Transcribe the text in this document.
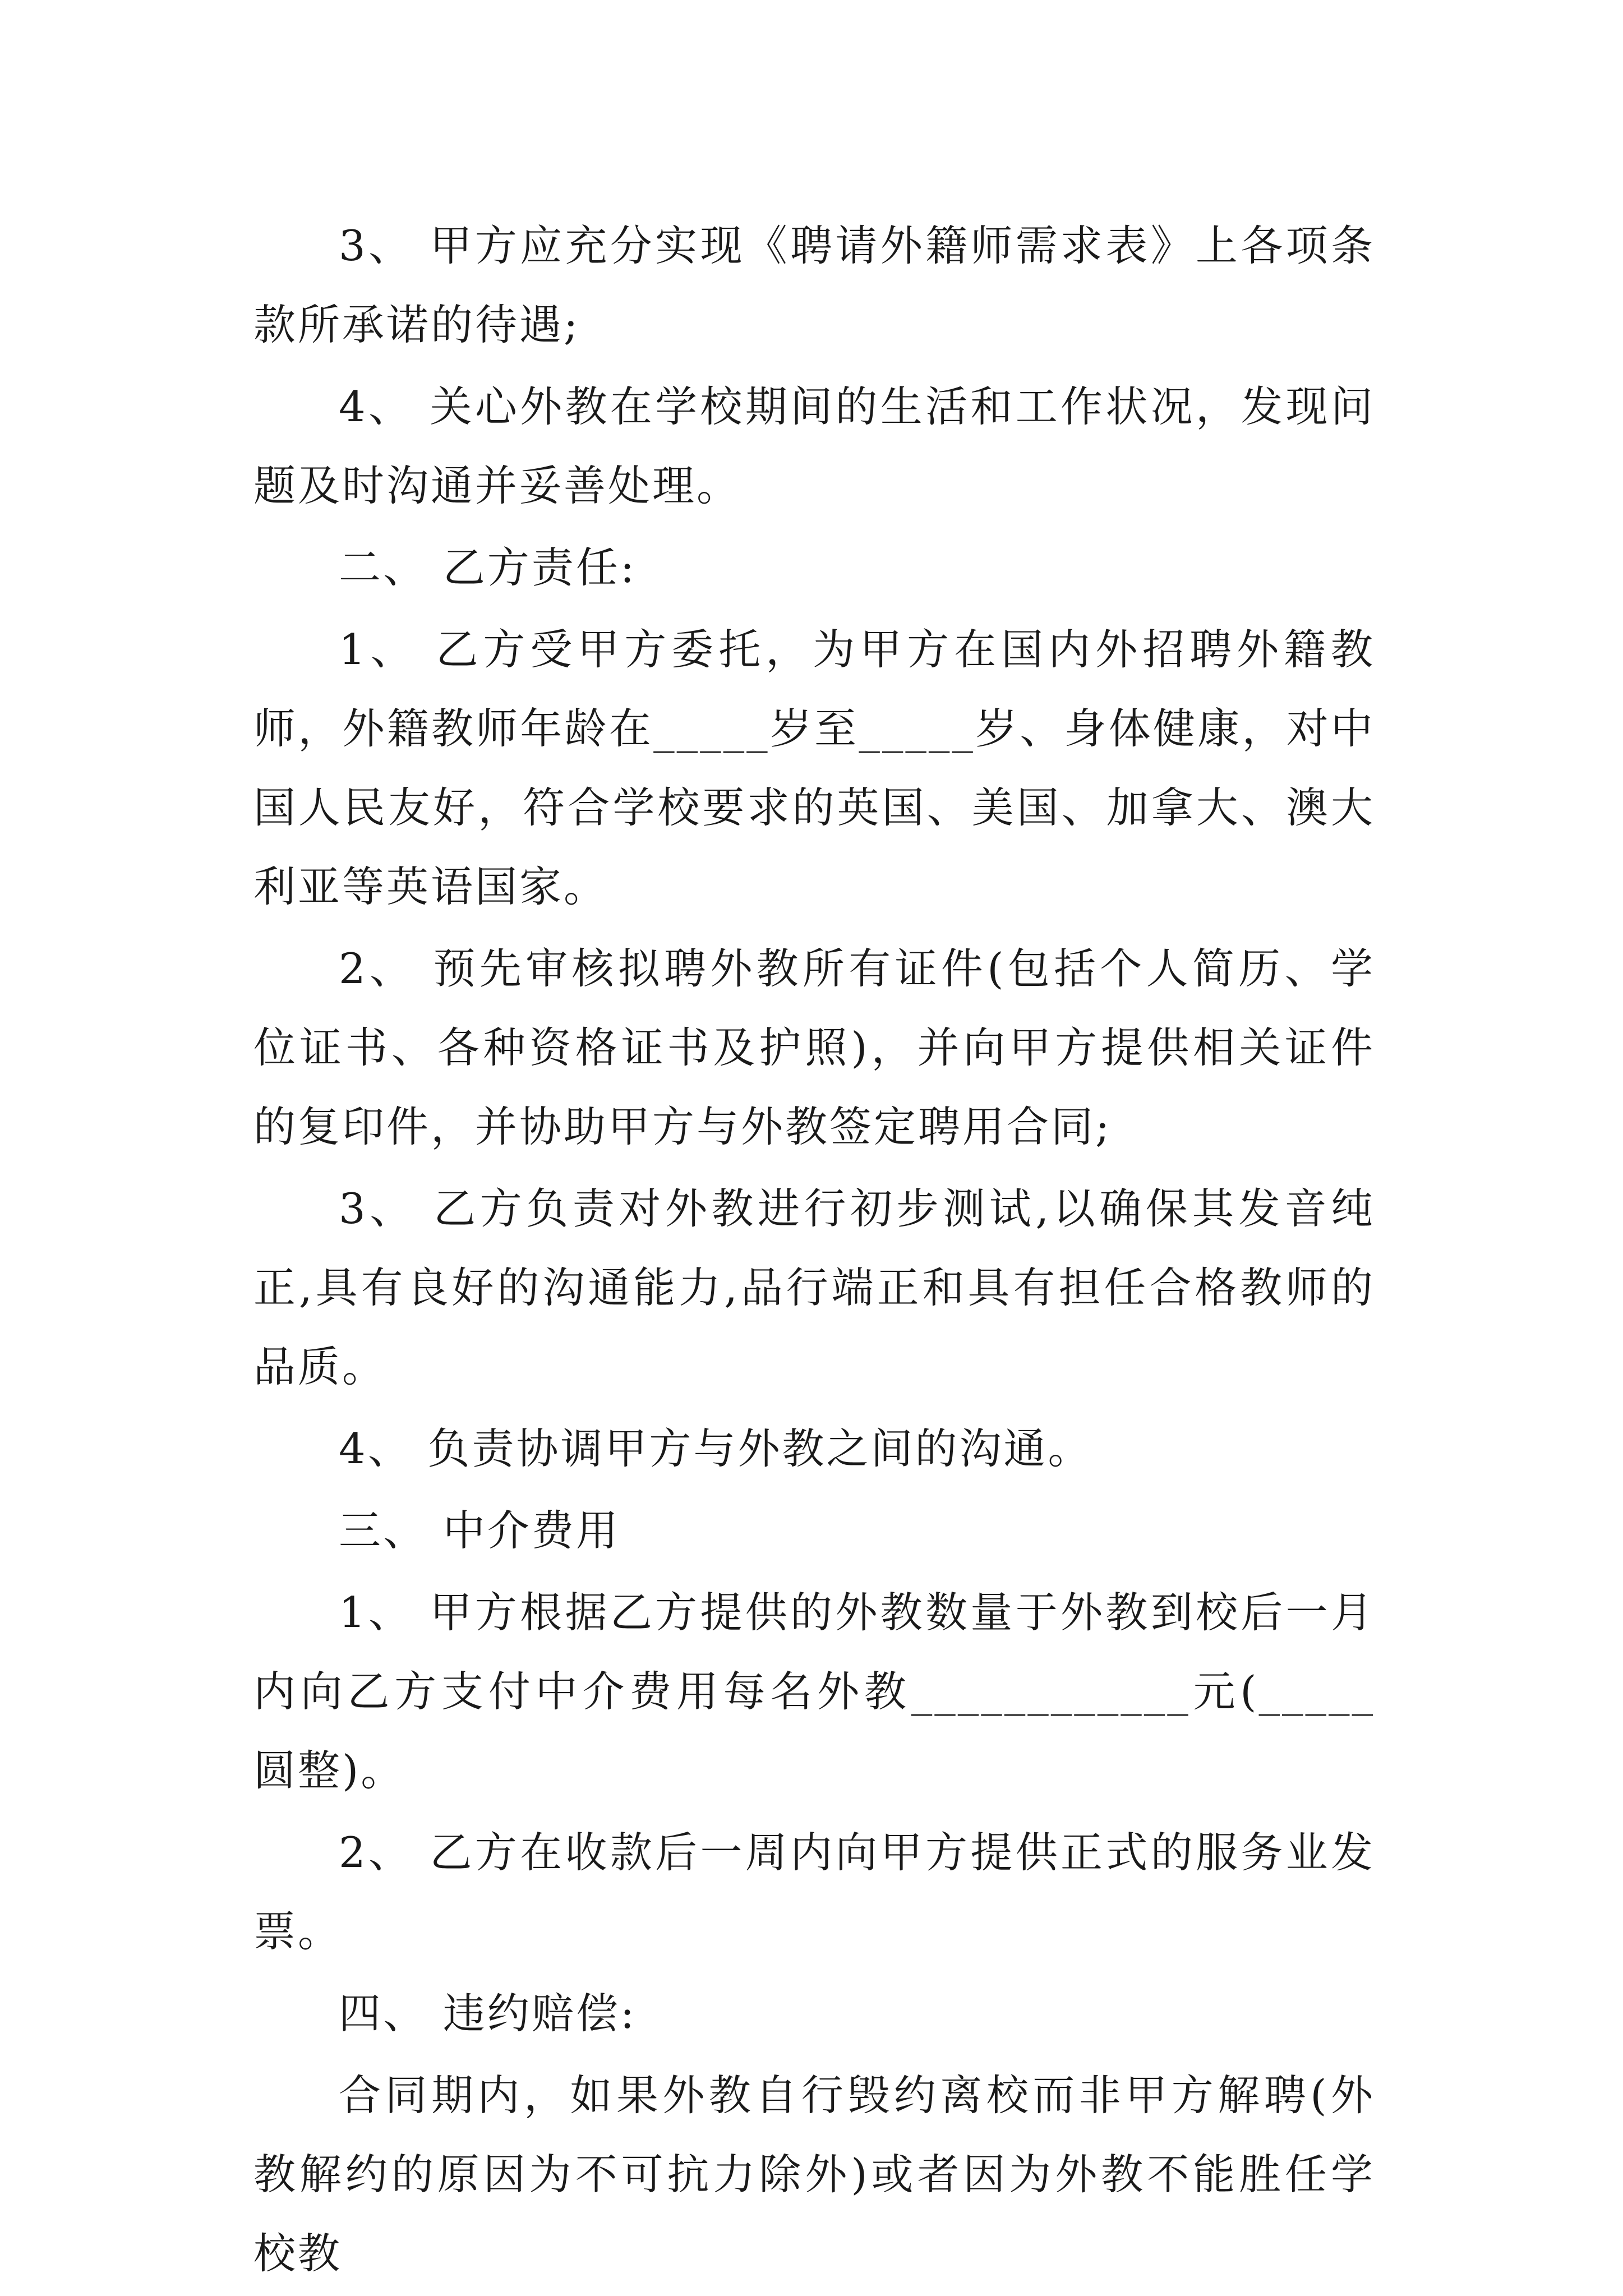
3、 甲方应充分实现《聘请外籍师需求表》上各项条款所承诺的待遇;

4、 关心外教在学校期间的生活和工作状况，发现问题及时沟通并妥善处理。

二、 乙方责任:

1、 乙方受甲方委托，为甲方在国内外招聘外籍教师，外籍教师年龄在_____岁至_____岁、身体健康，对中国人民友好，符合学校要求的英国、美国、加拿大、澳大利亚等英语国家。

2、 预先审核拟聘外教所有证件(包括个人简历、学位证书、各种资格证书及护照)，并向甲方提供相关证件的复印件，并协助甲方与外教签定聘用合同;

3、 乙方负责对外教进行初步测试,以确保其发音纯正,具有良好的沟通能力,品行端正和具有担任合格教师的品质。

4、 负责协调甲方与外教之间的沟通。

三、 中介费用

1、 甲方根据乙方提供的外教数量于外教到校后一月内向乙方支付中介费用每名外教____________元(_____圆整)。

2、 乙方在收款后一周内向甲方提供正式的服务业发票。

四、 违约赔偿:

合同期内，如果外教自行毁约离校而非甲方解聘(外教解约的原因为不可抗力除外)或者因为外教不能胜任学校教
